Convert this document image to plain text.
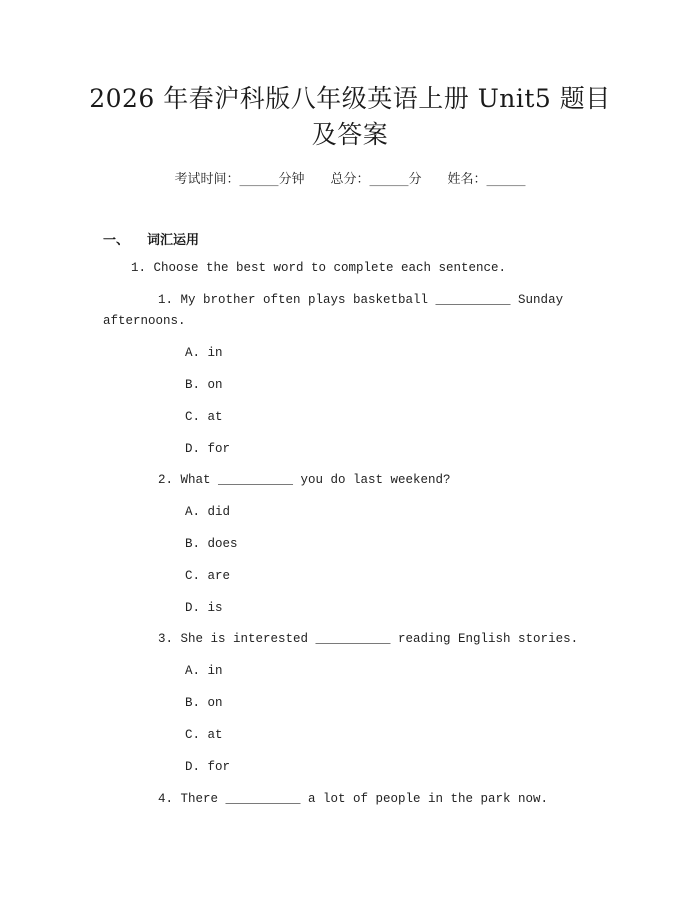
2026 年春沪科版八年级英语上册 Unit5 题目
及答案
考试时间：______分钟 总分：______分 姓名：______
一、 词汇运用
1. Choose the best word to complete each sentence.
1. My brother often plays basketball __________ Sunday
afternoons.
A. in
B. on
C. at
D. for
2. What __________ you do last weekend?
A. did
B. does
C. are
D. is
3. She is interested __________ reading English stories.
A. in
B. on
C. at
D. for
4. There __________ a lot of people in the park now.
